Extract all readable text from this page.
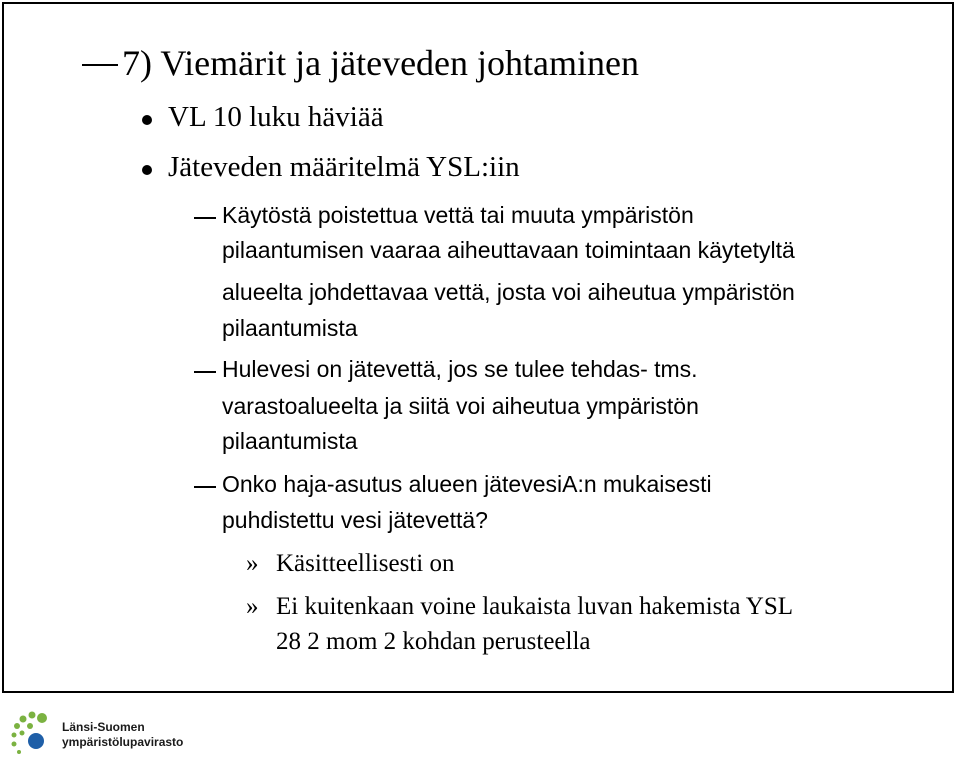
7) Viemärit ja jäteveden johtaminen
VL 10 luku häviää
Jäteveden määritelmä YSL:iin
Käytöstä poistettua vettä tai muuta ympäristön
pilaantumisen vaaraa aiheuttavaan toimintaan käytetyltä
alueelta johdettavaa vettä, josta voi aiheutua ympäristön
pilaantumista
Hulevesi on jätevettä, jos se tulee tehdas- tms.
varastoalueelta ja siitä voi aiheutua ympäristön
pilaantumista
Onko haja-asutus alueen jätevesiA:n mukaisesti
puhdistettu vesi jätevettä?
» Käsitteellisesti on
» Ei kuitenkaan voine laukaista luvan hakemista YSL
28 2 mom 2 kohdan perusteella
Länsi-Suomen
ympäristölupavirasto
